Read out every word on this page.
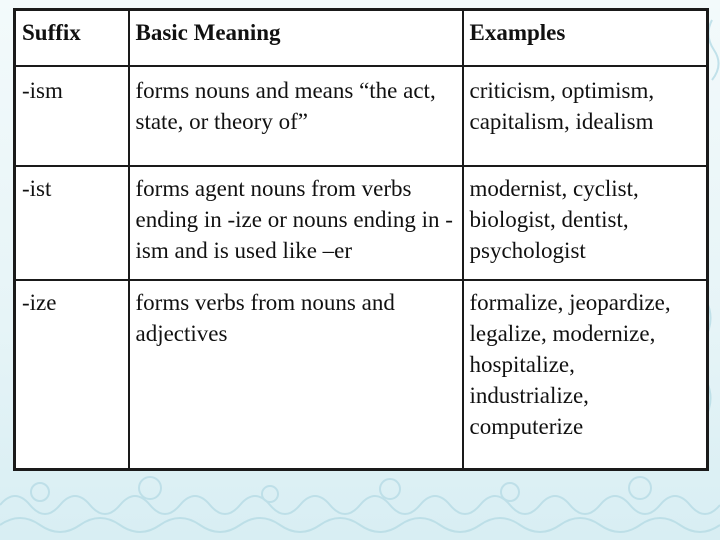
Suffix	Basic Meaning	Examples
-ism	forms nouns and means “the act, state, or theory of”	criticism, optimism, capitalism, idealism
-ist	forms agent nouns from verbs ending in -ize or nouns ending in -ism and is used like –er	modernist, cyclist, biologist, dentist, psychologist
-ize	forms verbs from nouns and adjectives	formalize, jeopardize, legalize, modernize, hospitalize, industrialize, computerize
